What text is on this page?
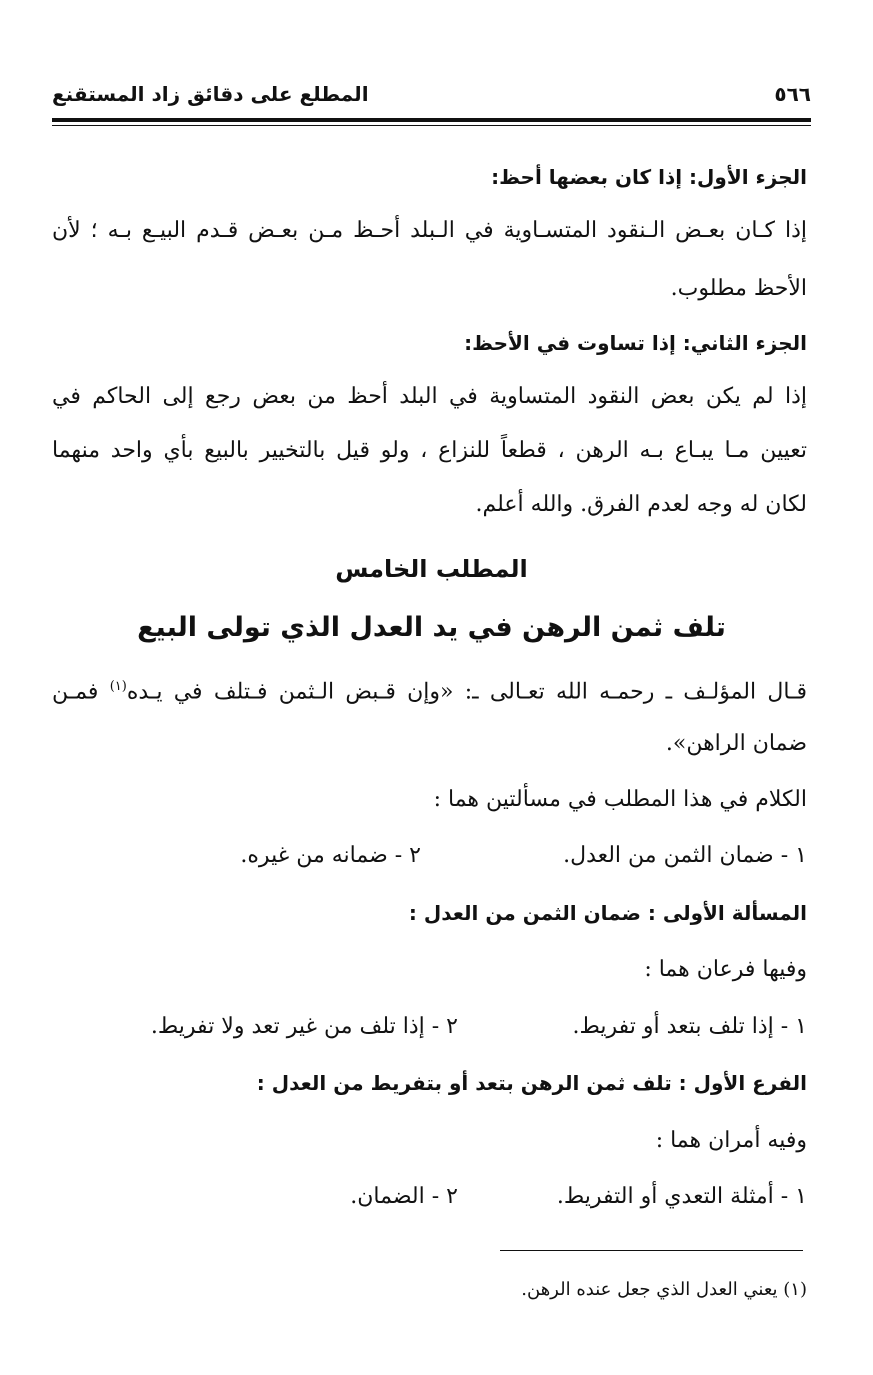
٥٦٦
المطلع على دقائق زاد المستقنع
الجزء الأول: إذا كان بعضها أحظ:
إذا كـان بعـض الـنقود المتسـاوية في الـبلد أحـظ مـن بعـض قـدم البيـع بـه ؛ لأن
الأحظ مطلوب.
الجزء الثاني: إذا تساوت في الأحظ:
إذا لم يكن بعض النقود المتساوية في البلد أحظ من بعض رجع إلى الحاكم في
تعيين مـا يبـاع بـه الرهن ، قطعاً للنزاع ، ولو قيل بالتخيير بالبيع بأي واحد منهما
لكان له وجه لعدم الفرق. والله أعلم.
المطلب الخامس
تلف ثمن الرهن في يد العدل الذي تولى البيع
قـال المؤلـف ـ رحمـه الله تعـالى ـ: «وإن قـبض الـثمن فـتلف في يـده$^{(١)}$ فمـن
ضمان الراهن».
الكلام في هذا المطلب في مسألتين هما :
١ - ضمان الثمن من العدل.
٢ - ضمانه من غيره.
المسألة الأولى : ضمان الثمن من العدل :
وفيها فرعان هما :
١ - إذا تلف بتعد أو تفريط.
٢ - إذا تلف من غير تعد ولا تفريط.
الفرع الأول : تلف ثمن الرهن بتعد أو بتفريط من العدل :
وفيه أمران هما :
١ - أمثلة التعدي أو التفريط.
٢ - الضمان.
(١) يعني العدل الذي جعل عنده الرهن.
